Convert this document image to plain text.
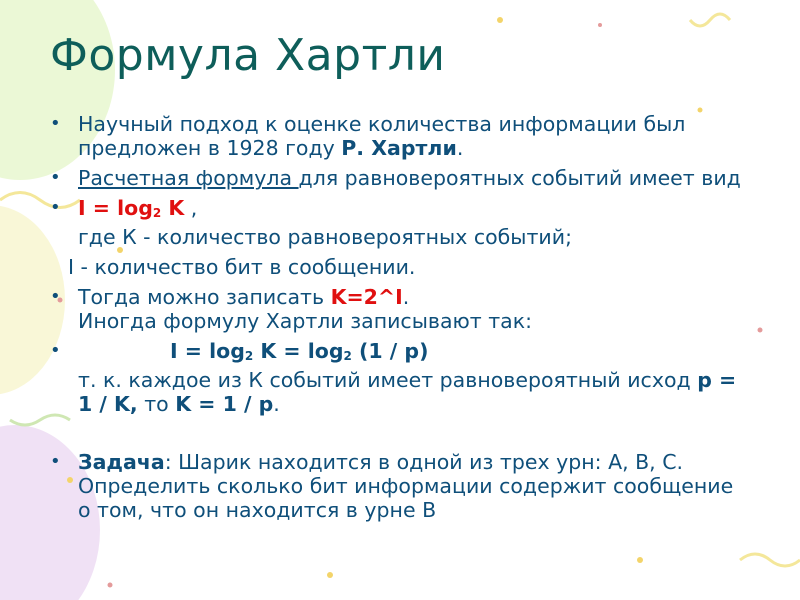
Формула Хартли
• Научный подход к оценке количества информации был предложен в 1928 году Р. Хартли.
• Расчетная формула для равновероятных событий имеет вид
• I = log2 K ,
где К - количество равновероятных событий;
I - количество бит в сообщении.
• Тогда можно записать K=2^I.
Иногда формулу Хартли записывают так:
•	I = log2 K = log2 (1 / p)
т. к. каждое из К событий имеет равновероятный исход p = 1 / K, то K = 1 / p.
• Задача: Шарик находится в одной из трех урн: А, В, С. Определить сколько бит информации содержит сообщение о том, что он находится в урне В
